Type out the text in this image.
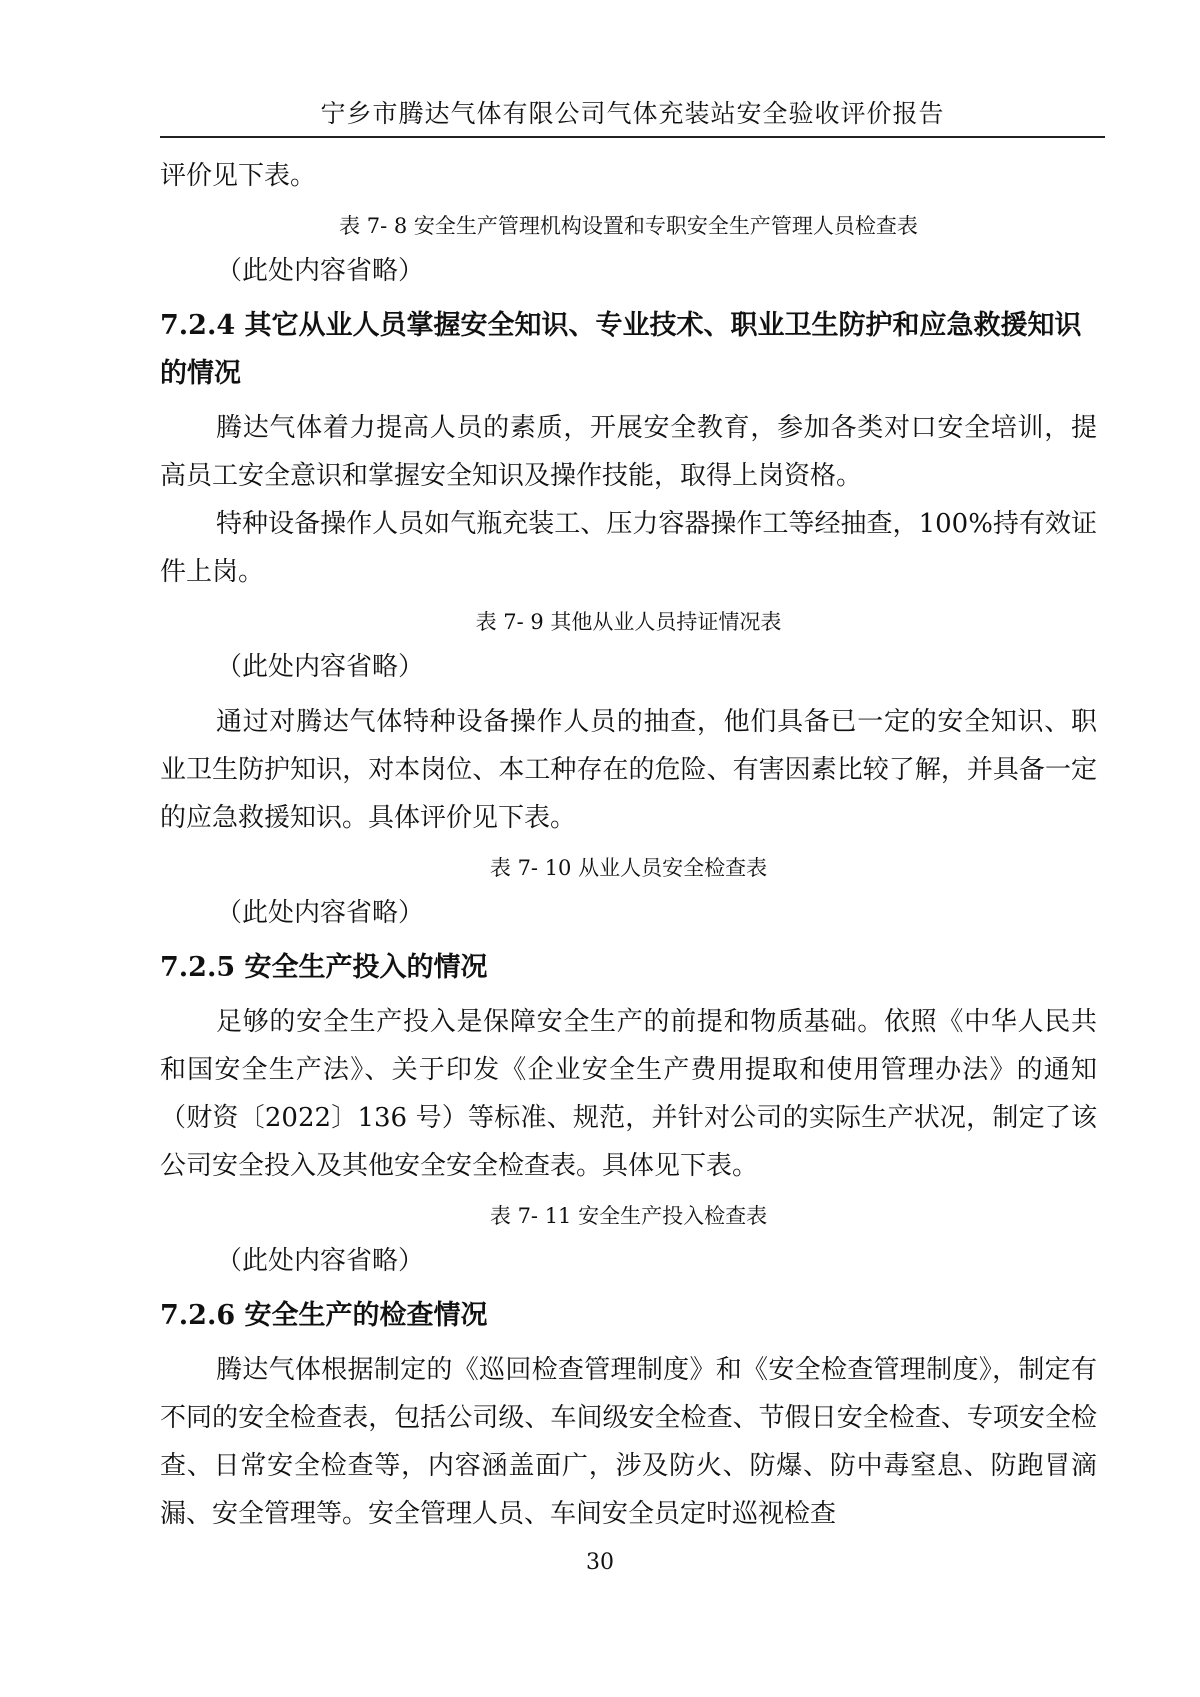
宁乡市腾达气体有限公司气体充装站安全验收评价报告

评价见下表。

表 7- 8 安全生产管理机构设置和专职安全生产管理人员检查表

（此处内容省略）

7.2.4 其它从业人员掌握安全知识、专业技术、职业卫生防护和应急救援知识的情况

腾达气体着力提高人员的素质，开展安全教育，参加各类对口安全培训，提高员工安全意识和掌握安全知识及操作技能，取得上岗资格。

特种设备操作人员如气瓶充装工、压力容器操作工等经抽查，100%持有效证件上岗。

表 7- 9 其他从业人员持证情况表

（此处内容省略）

通过对腾达气体特种设备操作人员的抽查，他们具备已一定的安全知识、职业卫生防护知识，对本岗位、本工种存在的危险、有害因素比较了解，并具备一定的应急救援知识。具体评价见下表。

表 7- 10 从业人员安全检查表

（此处内容省略）

7.2.5 安全生产投入的情况

足够的安全生产投入是保障安全生产的前提和物质基础。依照《中华人民共和国安全生产法》、关于印发《企业安全生产费用提取和使用管理办法》的通知（财资〔2022〕136 号）等标准、规范，并针对公司的实际生产状况，制定了该公司安全投入及其他安全安全检查表。具体见下表。

表 7- 11 安全生产投入检查表

（此处内容省略）

7.2.6 安全生产的检查情况

腾达气体根据制定的《巡回检查管理制度》和《安全检查管理制度》，制定有不同的安全检查表，包括公司级、车间级安全检查、节假日安全检查、专项安全检查、日常安全检查等，内容涵盖面广，涉及防火、防爆、防中毒窒息、防跑冒滴漏、安全管理等。安全管理人员、车间安全员定时巡视检查

30
